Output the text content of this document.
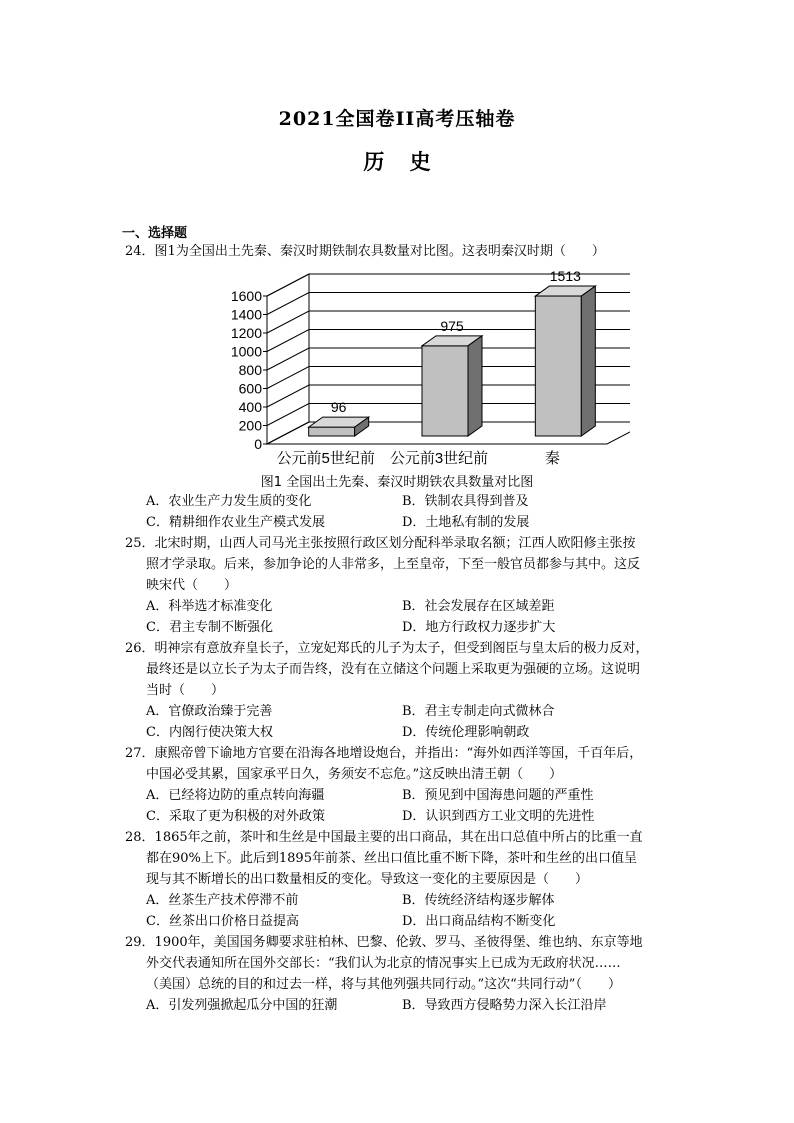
2021全国卷II高考压轴卷
历 史
一、选择题
24．图1为全国出土先秦、秦汉时期铁制农具数量对比图。这表明秦汉时期（　　）
0
200
400
600
800
1000
1200
1400
1600
96
975
1513
公元前5世纪前 公元前3世纪前	秦
图1 全国出土先秦、秦汉时期铁农具数量对比图
A．农业生产力发生质的变化	B．铁制农具得到普及
C．精耕细作农业生产模式发展	D．土地私有制的发展
25．北宋时期，山西人司马光主张按照行政区划分配科举录取名额；江西人欧阳修主张按
照才学录取。后来，参加争论的人非常多，上至皇帝，下至一般官员都参与其中。这反
映宋代（　　）
A．科举选才标准变化	B．社会发展存在区域差距
C．君主专制不断强化	D．地方行政权力逐步扩大
26．明神宗有意放弃皇长子，立宠妃郑氏的儿子为太子，但受到阁臣与皇太后的极力反对，
最终还是以立长子为太子而告终，没有在立储这个问题上采取更为强硬的立场。这说明
当时（　　）
A．官僚政治臻于完善	B．君主专制走向式微林合
C．内阁行使决策大权	D．传统伦理影响朝政
27．康熙帝曾下谕地方官要在沿海各地增设炮台，并指出：“海外如西洋等国，千百年后，
中国必受其累，国家承平日久，务须安不忘危。”这反映出清王朝（　　）
A．已经将边防的重点转向海疆	B．预见到中国海患问题的严重性
C．采取了更为积极的对外政策	D．认识到西方工业文明的先进性
28．1865年之前，茶叶和生丝是中国最主要的出口商品，其在出口总值中所占的比重一直
都在90%上下。此后到1895年前茶、丝出口值比重不断下降，茶叶和生丝的出口值呈
现与其不断增长的出口数量相反的变化。导致这一变化的主要原因是（　　）
A．丝茶生产技术停滞不前	B．传统经济结构逐步解体
C．丝茶出口价格日益提高	D．出口商品结构不断变化
29．1900年，美国国务卿要求驻柏林、巴黎、伦敦、罗马、圣彼得堡、维也纳、东京等地
外交代表通知所在国外交部长：“我们认为北京的情况事实上已成为无政府状况……
（美国）总统的目的和过去一样，将与其他列强共同行动。”这次“共同行动”（　　）
A．引发列强掀起瓜分中国的狂潮	B．导致西方侵略势力深入长江沿岸
